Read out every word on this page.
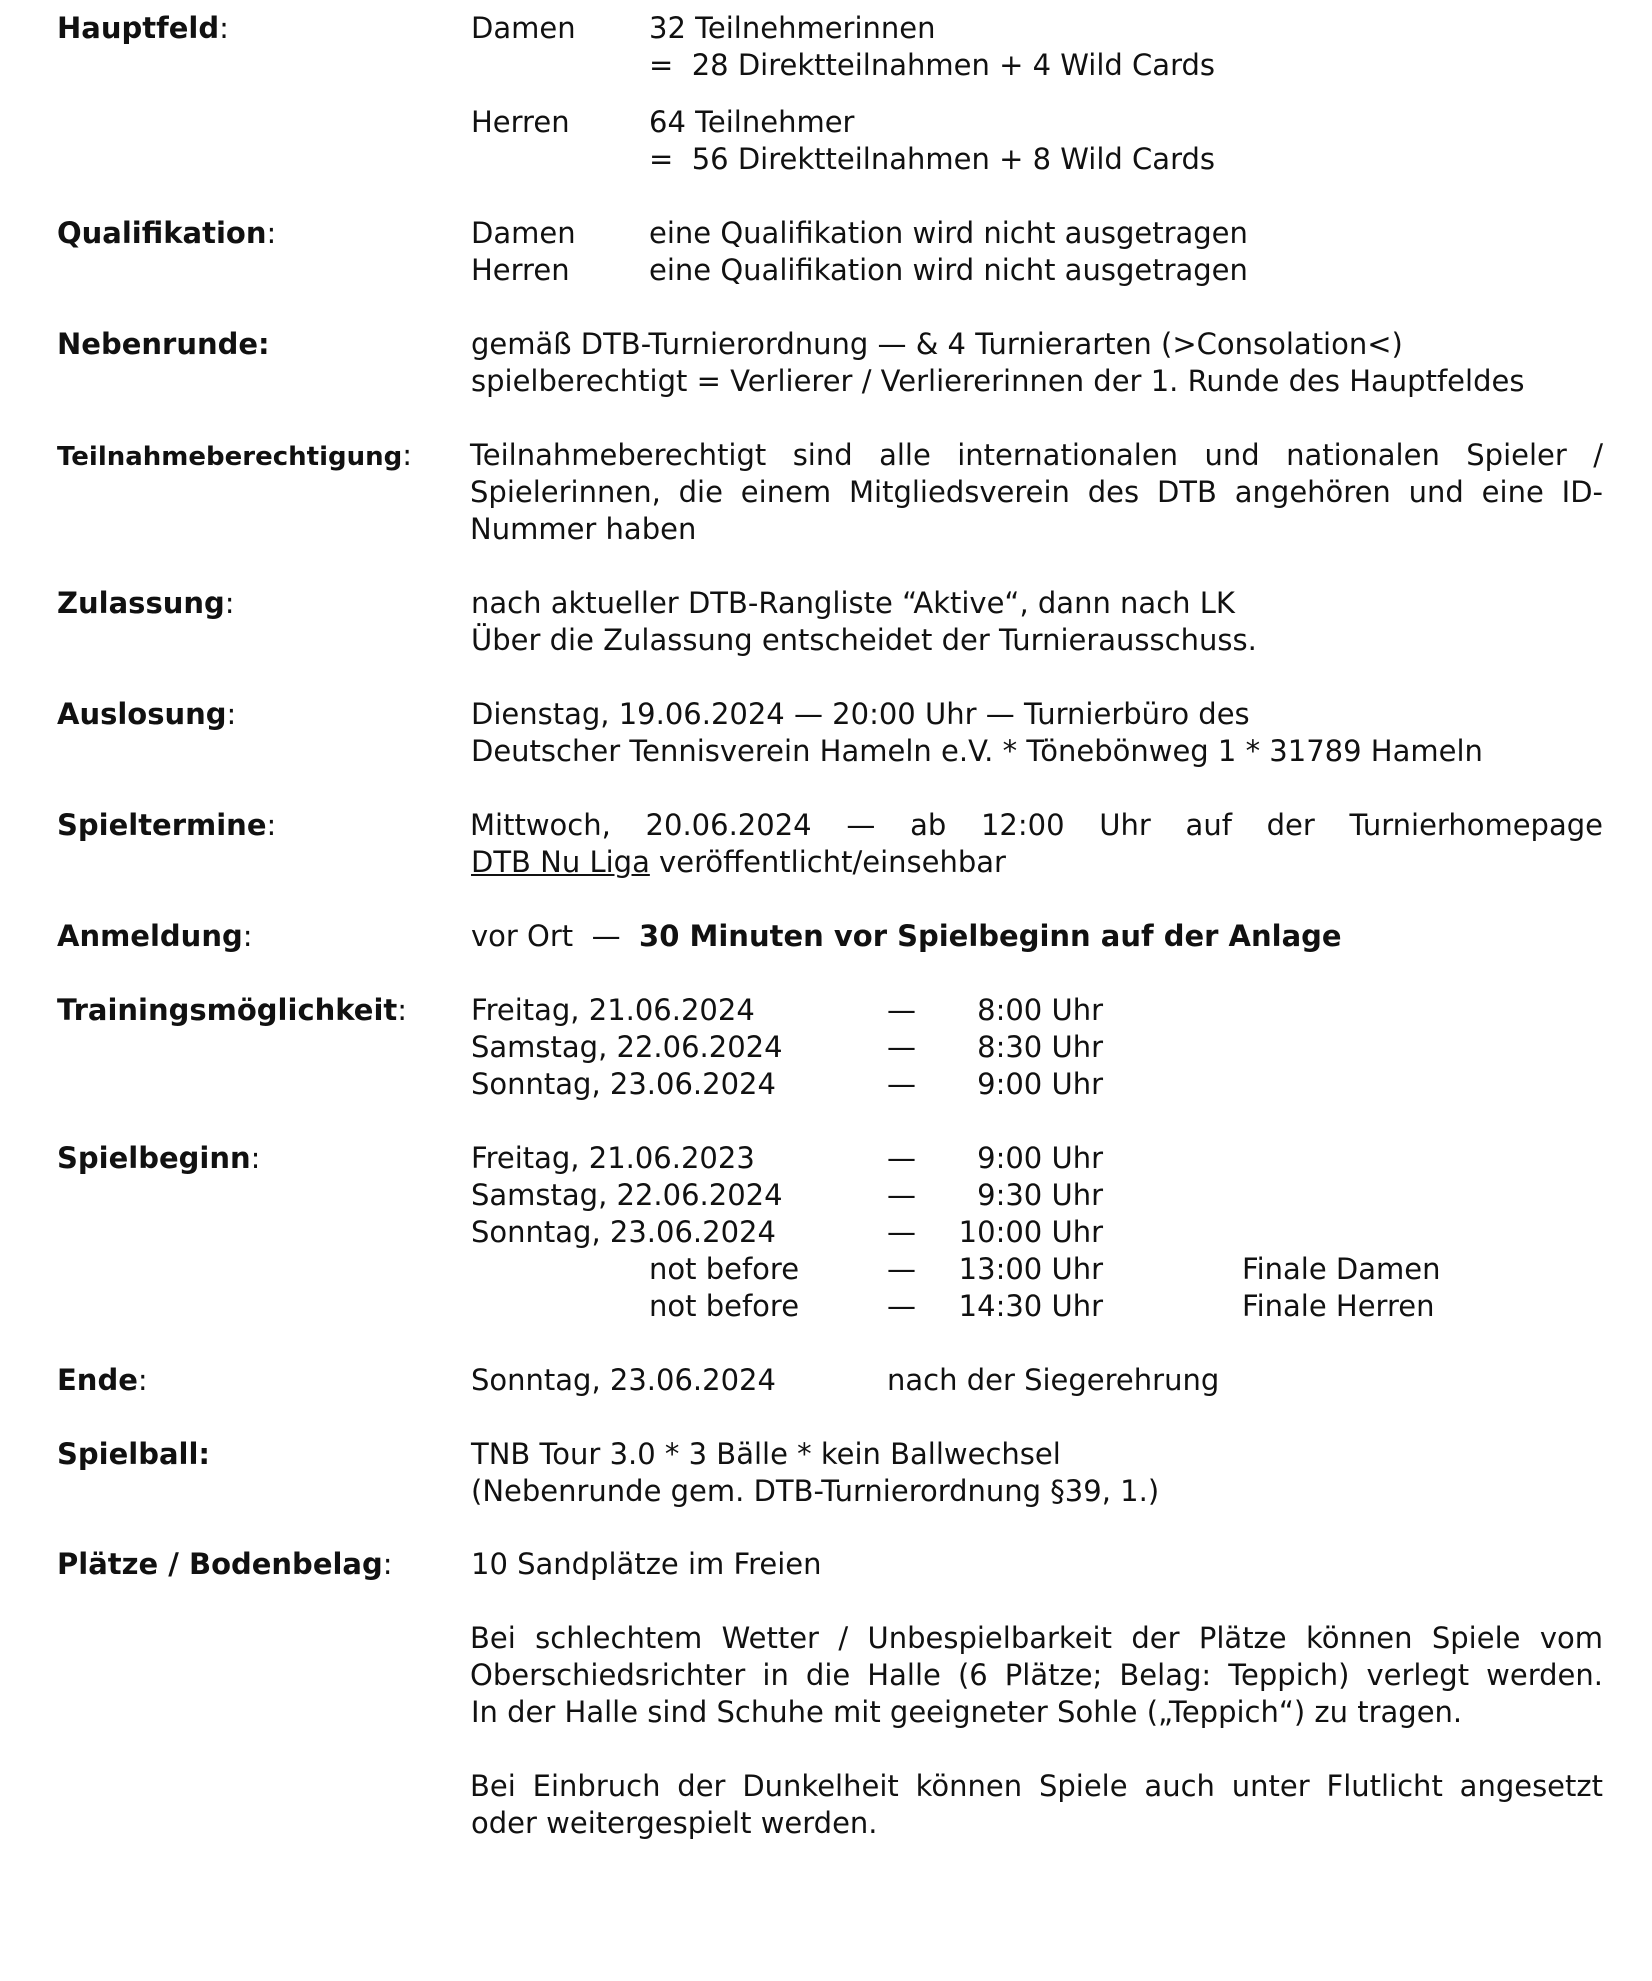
Hauptfeld:	Damen	32 Teilnehmerinnen
=  28 Direktteilnahmen + 4 Wild Cards
Herren	64 Teilnehmer
=  56 Direktteilnahmen + 8 Wild Cards
Qualifikation:	Damen	eine Qualifikation wird nicht ausgetragen
Herren	eine Qualifikation wird nicht ausgetragen
Nebenrunde:	gemäß DTB-Turnierordnung — & 4 Turnierarten (>Consolation<)
spielberechtigt = Verlierer / Verliererinnen der 1. Runde des Hauptfeldes
Teilnahmeberechtigung: Teilnahmeberechtigt sind alle internationalen und nationalen Spieler / Spielerinnen, die einem Mitgliedsverein des DTB angehören und eine ID-Nummer haben
Zulassung:	nach aktueller DTB-Rangliste “Aktive“, dann nach LK
Über die Zulassung entscheidet der Turnierausschuss.
Auslosung:	Dienstag, 19.06.2024 — 20:00 Uhr — Turnierbüro des
Deutscher Tennisverein Hameln e.V. * Tönebönweg 1 * 31789 Hameln
Spieltermine:	Mittwoch, 20.06.2024 — ab 12:00 Uhr auf der Turnierhomepage
DTB Nu Liga veröffentlicht/einsehbar
Anmeldung:	vor Ort  —  30 Minuten vor Spielbeginn auf der Anlage
Trainingsmöglichkeit: Freitag, 21.06.2024	—	8:00 Uhr
Samstag, 22.06.2024	—	8:30 Uhr
Sonntag, 23.06.2024	—	9:00 Uhr
Spielbeginn:	Freitag, 21.06.2023	—	9:00 Uhr
Samstag, 22.06.2024	—	9:30 Uhr
Sonntag, 23.06.2024	—	10:00 Uhr
not before	—	13:00 Uhr	Finale Damen
not before	—	14:30 Uhr	Finale Herren
Ende:	Sonntag, 23.06.2024	nach der Siegerehrung
Spielball:	TNB Tour 3.0 * 3 Bälle * kein Ballwechsel
(Nebenrunde gem. DTB-Turnierordnung §39, 1.)
Plätze / Bodenbelag:	10 Sandplätze im Freien
Bei schlechtem Wetter / Unbespielbarkeit der Plätze können Spiele vom Oberschiedsrichter in die Halle (6 Plätze; Belag: Teppich) verlegt werden.
In der Halle sind Schuhe mit geeigneter Sohle („Teppich“) zu tragen.
Bei Einbruch der Dunkelheit können Spiele auch unter Flutlicht angesetzt
oder weitergespielt werden.
